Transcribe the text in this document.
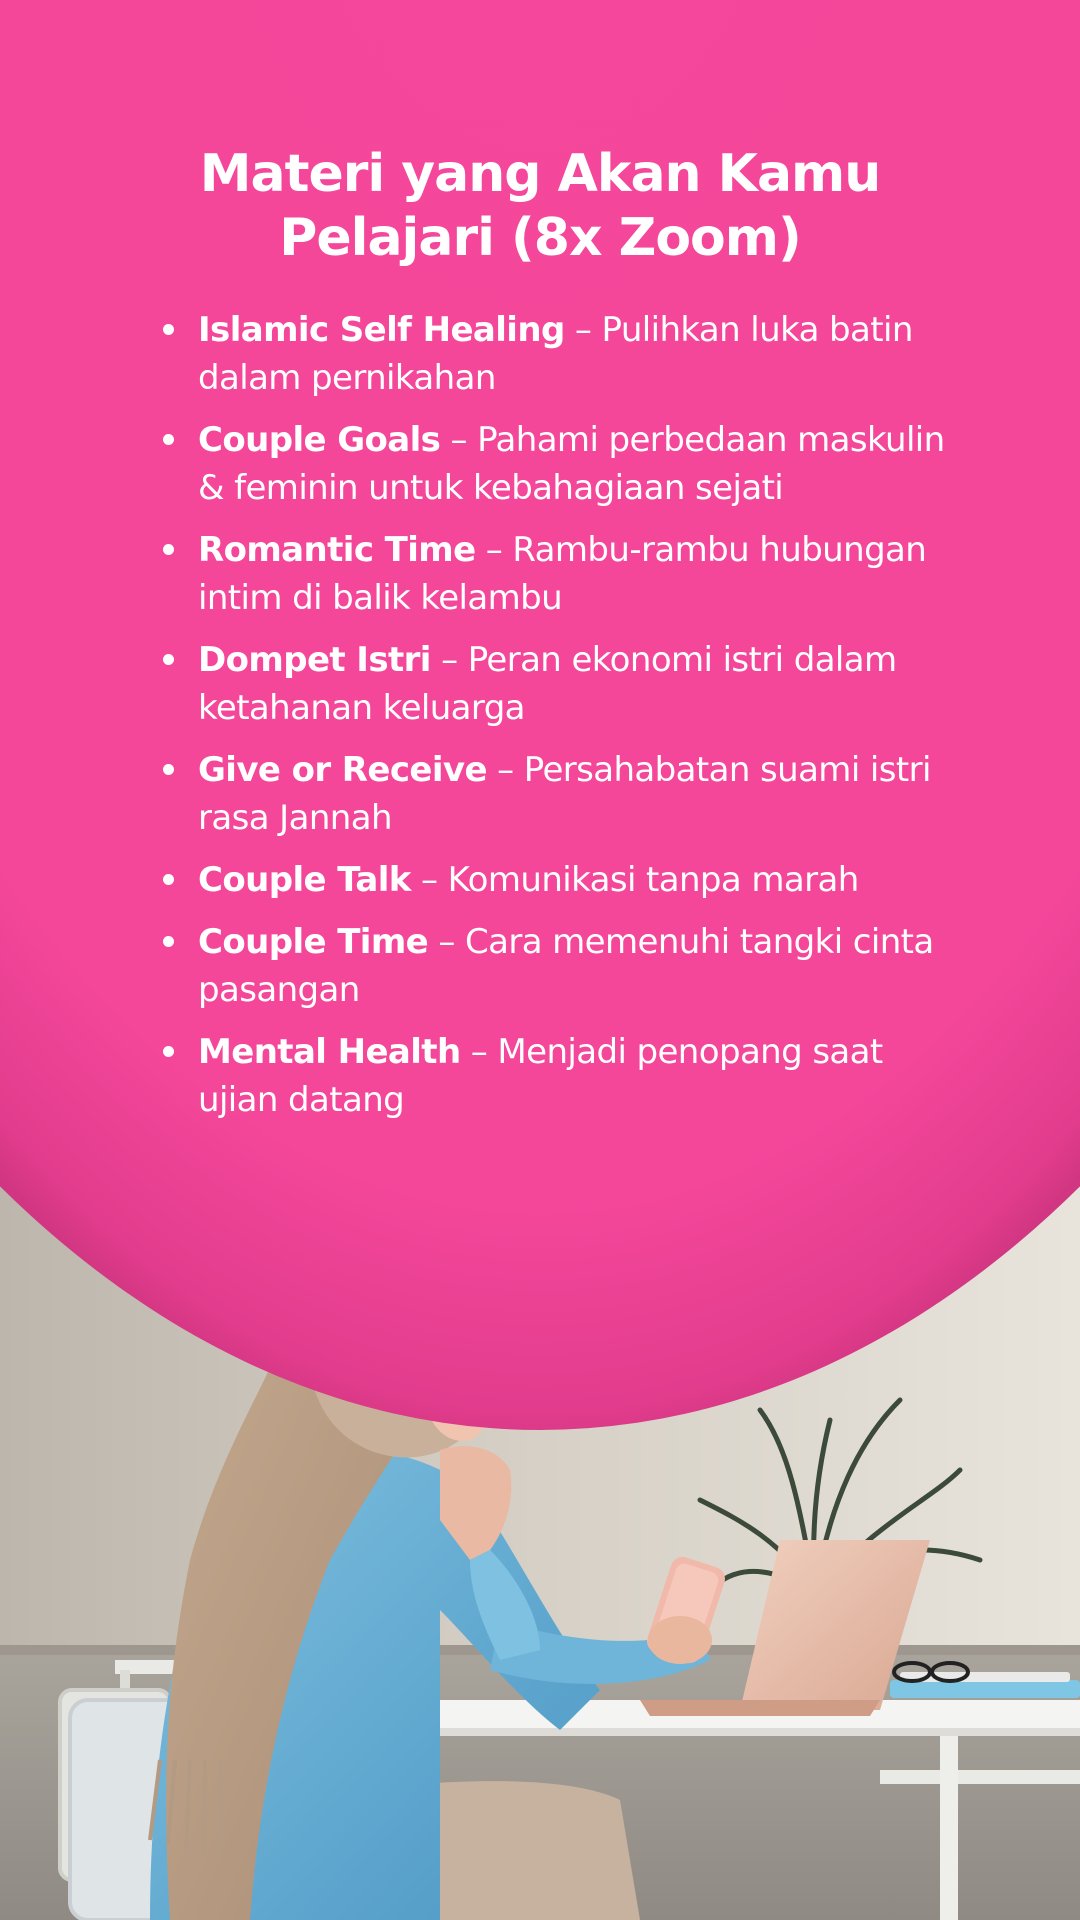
Materi yang Akan Kamu
Pelajari (8x Zoom)
Islamic Self Healing – Pulihkan luka batin dalam pernikahan
Couple Goals – Pahami perbedaan maskulin & feminin untuk kebahagiaan sejati
Romantic Time – Rambu-rambu hubungan intim di balik kelambu
Dompet Istri – Peran ekonomi istri dalam ketahanan keluarga
Give or Receive – Persahabatan suami istri rasa Jannah
Couple Talk – Komunikasi tanpa marah
Couple Time – Cara memenuhi tangki cinta pasangan
Mental Health – Menjadi penopang saat ujian datang
